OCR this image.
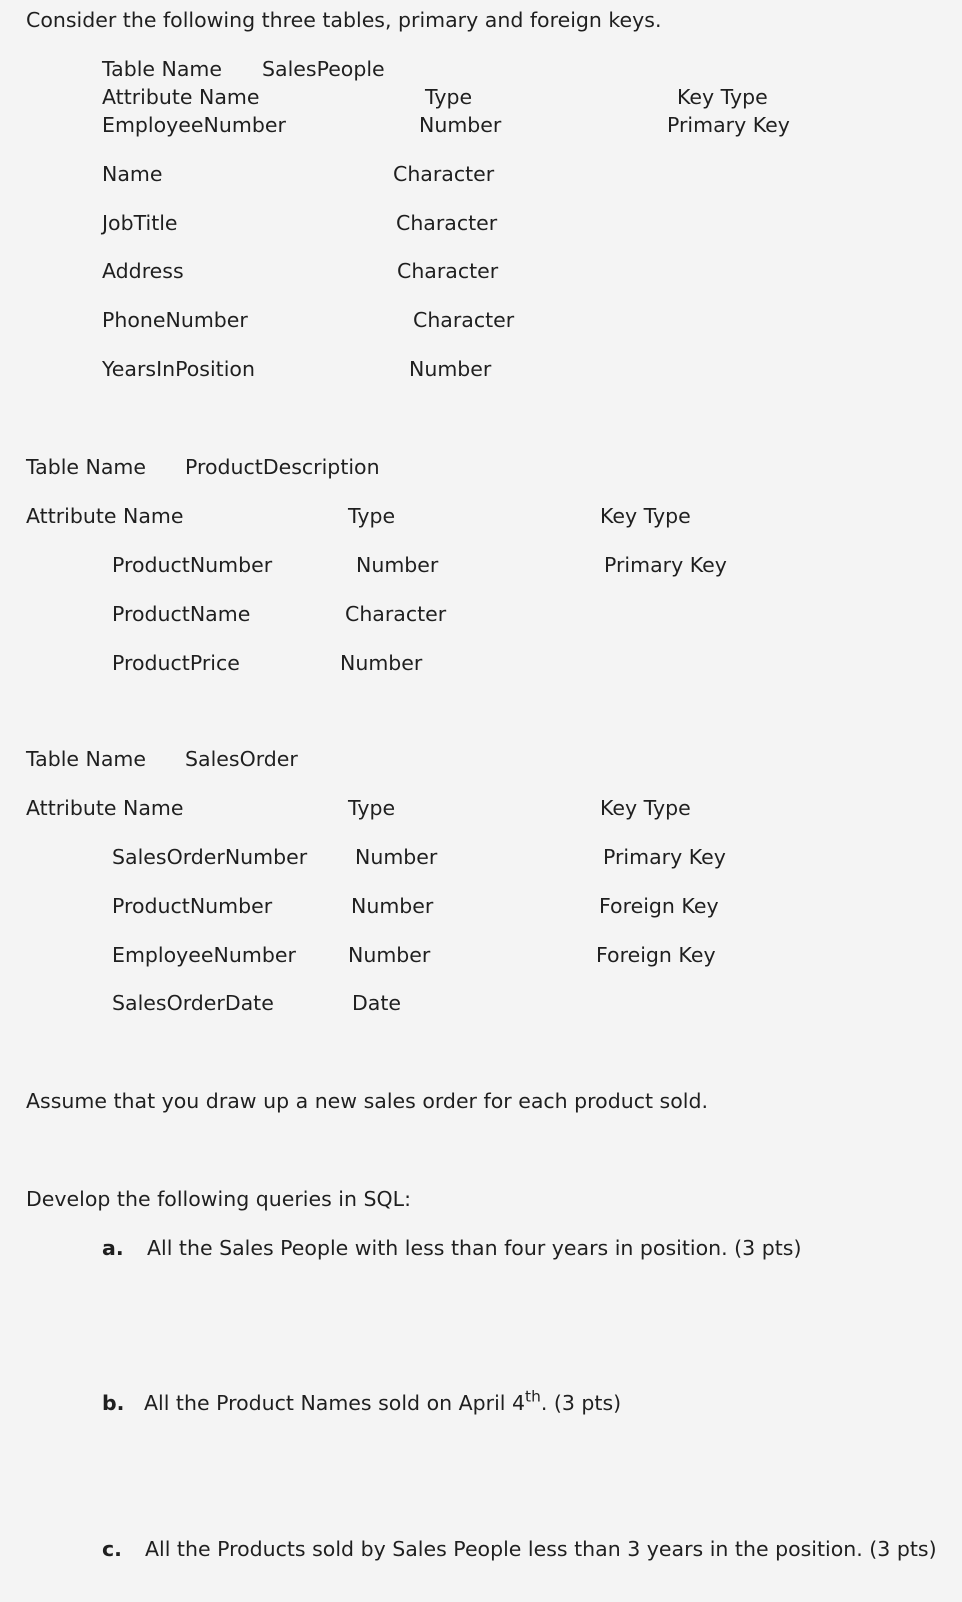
Consider the following three tables, primary and foreign keys.
Table Name SalesPeople
Attribute Name	Type	Key Type
EmployeeNumber	Number	Primary Key
Name	Character
JobTitle	Character
Address	Character
PhoneNumber	Character
YearsInPosition	Number
Table Name ProductDescription
Attribute Name	Type	Key Type
ProductNumber	Number	Primary Key
ProductName	Character
ProductPrice	Number
Table Name SalesOrder
Attribute Name	Type	Key Type
SalesOrderNumber Number	Primary Key
ProductNumber	Number	Foreign Key
EmployeeNumber	Number	Foreign Key
SalesOrderDate	Date
Assume that you draw up a new sales order for each product sold.
Develop the following queries in SQL:
a. All the Sales People with less than four years in position. (3 pts)
b. All the Product Names sold on April 4th. (3 pts)
c. All the Products sold by Sales People less than 3 years in the position. (3 pts)
